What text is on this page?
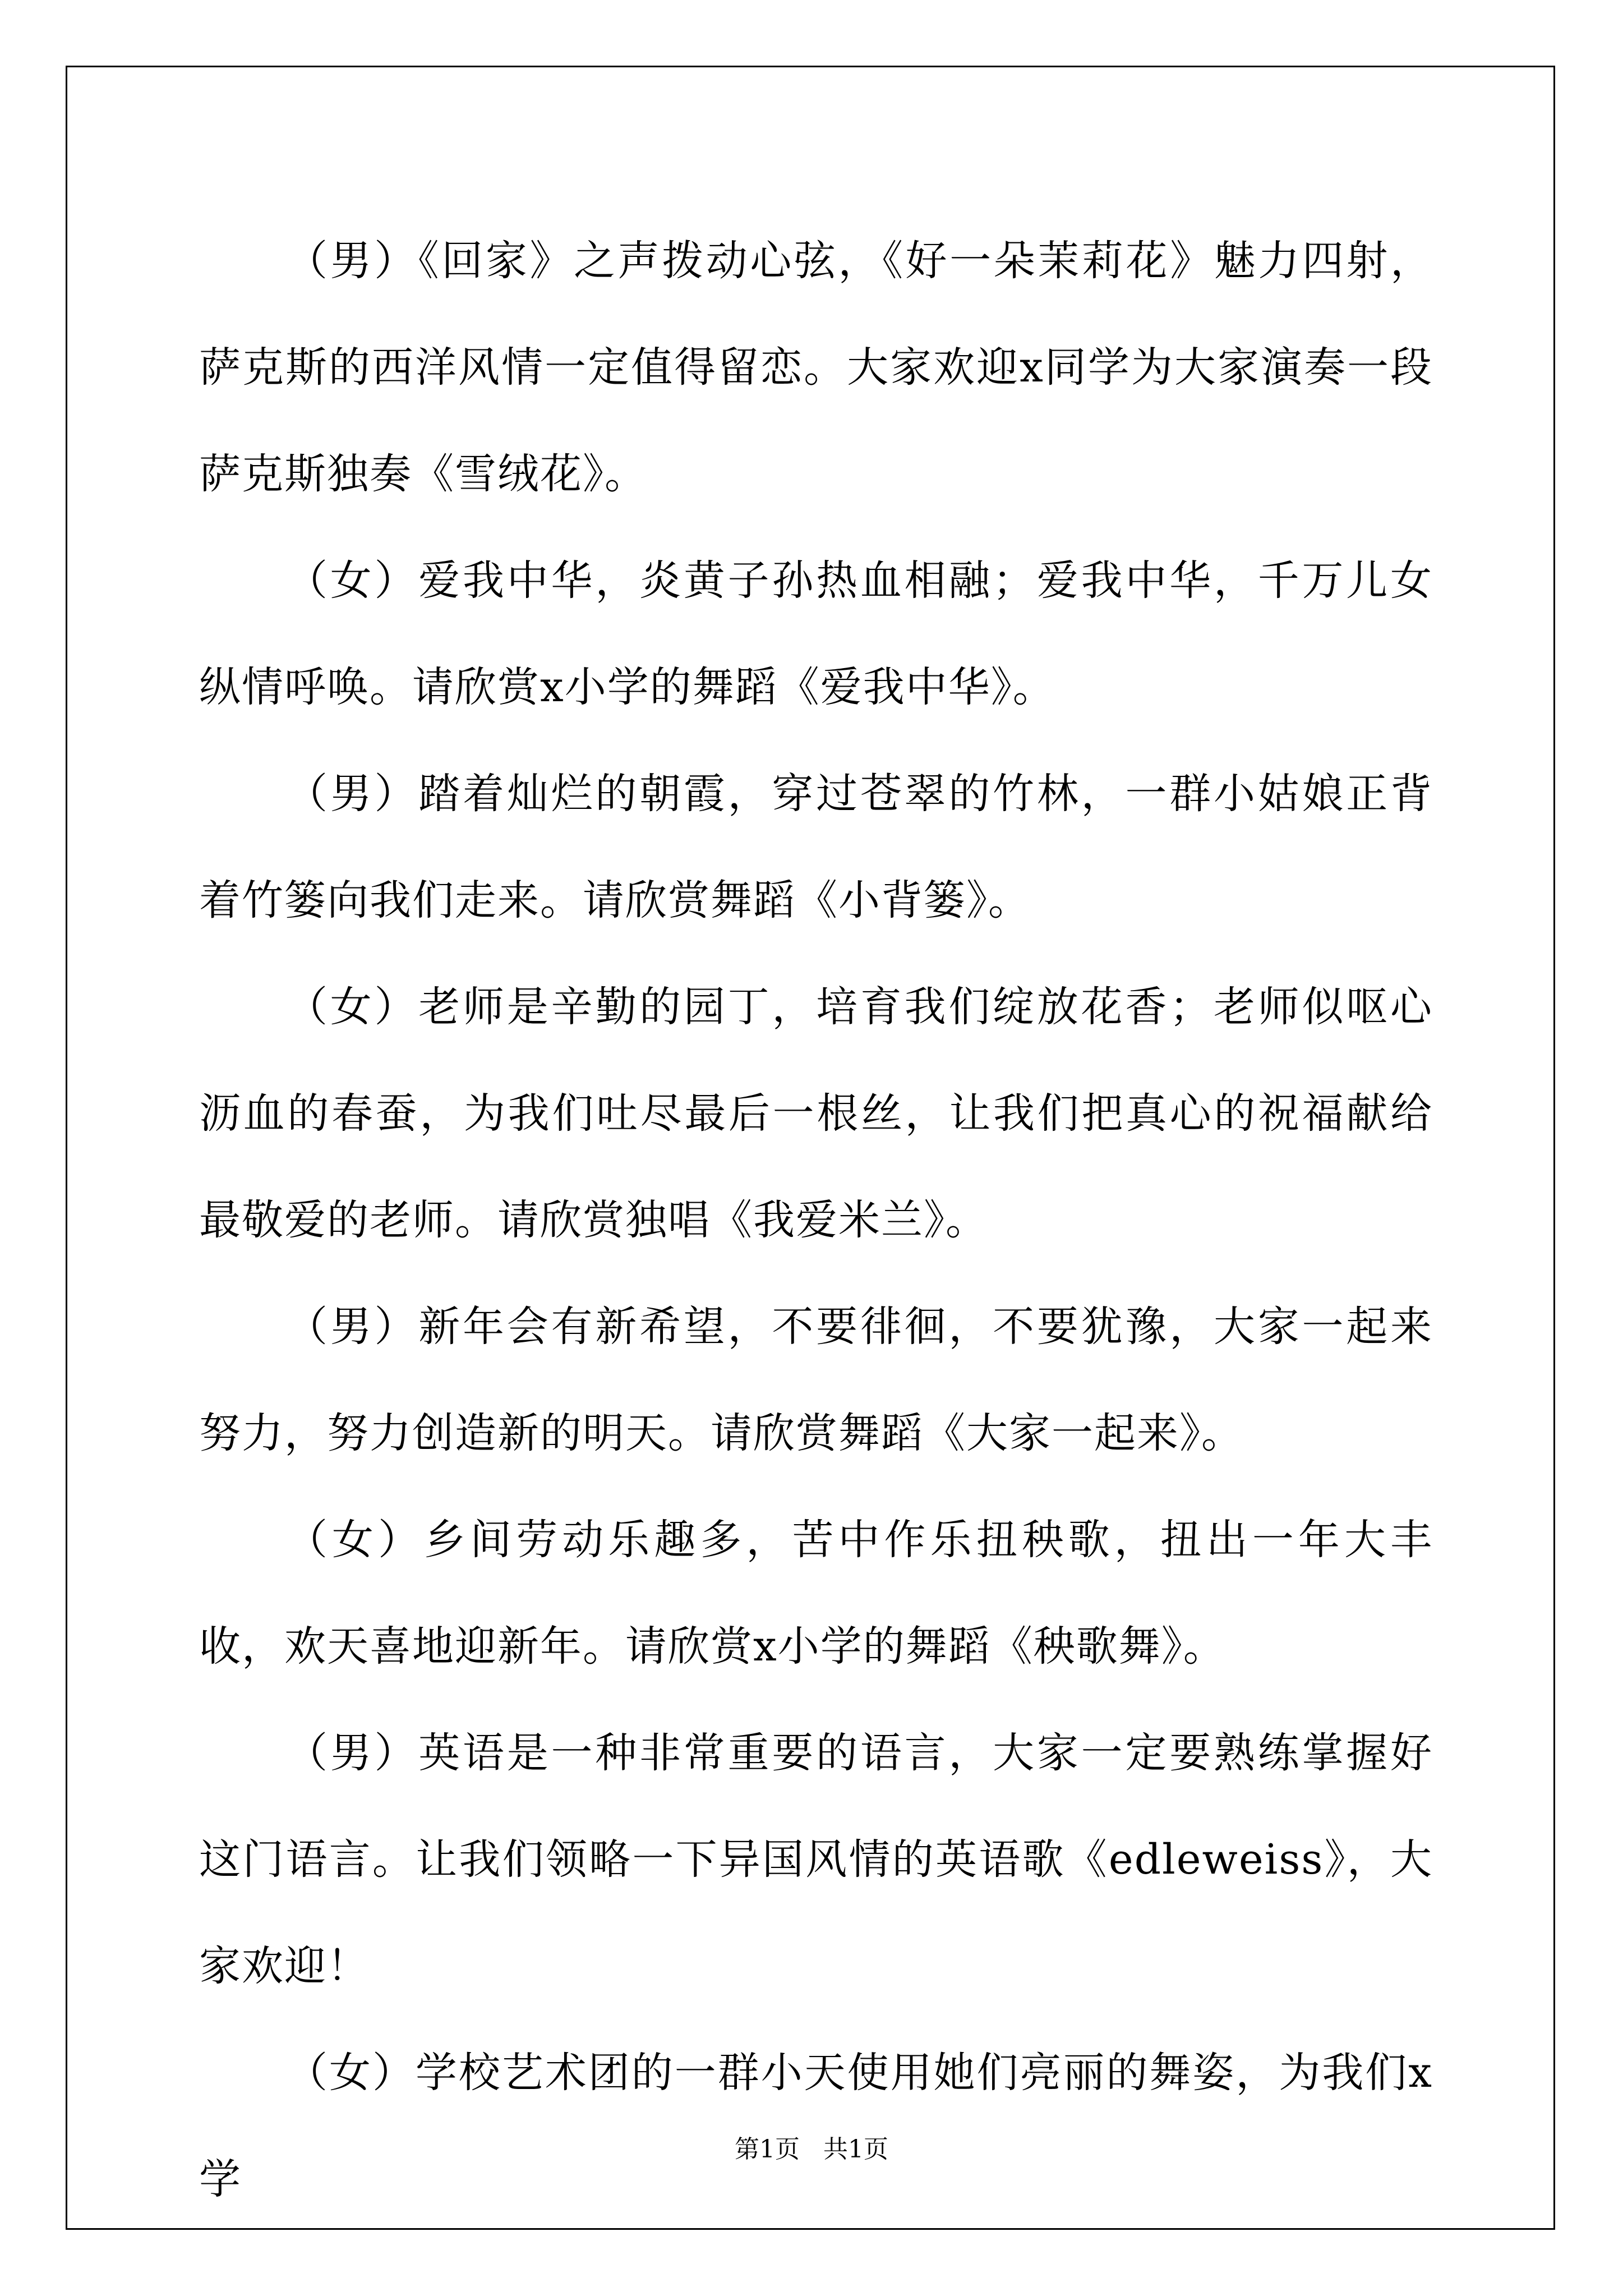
（男）《回家》之声拨动心弦，《好一朵茉莉花》魅力四射，萨克斯的西洋风情一定值得留恋。大家欢迎x同学为大家演奏一段萨克斯独奏《雪绒花》。

（女）爱我中华，炎黄子孙热血相融；爱我中华，千万儿女纵情呼唤。请欣赏x小学的舞蹈《爱我中华》。

（男）踏着灿烂的朝霞，穿过苍翠的竹林，一群小姑娘正背着竹篓向我们走来。请欣赏舞蹈《小背篓》。

（女）老师是辛勤的园丁，培育我们绽放花香；老师似呕心沥血的春蚕，为我们吐尽最后一根丝，让我们把真心的祝福献给最敬爱的老师。请欣赏独唱《我爱米兰》。

（男）新年会有新希望，不要徘徊，不要犹豫，大家一起来努力，努力创造新的明天。请欣赏舞蹈《大家一起来》。

（女）乡间劳动乐趣多，苦中作乐扭秧歌，扭出一年大丰收，欢天喜地迎新年。请欣赏x小学的舞蹈《秧歌舞》。

（男）英语是一种非常重要的语言，大家一定要熟练掌握好这门语言。让我们领略一下异国风情的英语歌《edleweiss》，大家欢迎！

（女）学校艺术团的一群小天使用她们亮丽的舞姿，为我们x学

第1页 共1页
